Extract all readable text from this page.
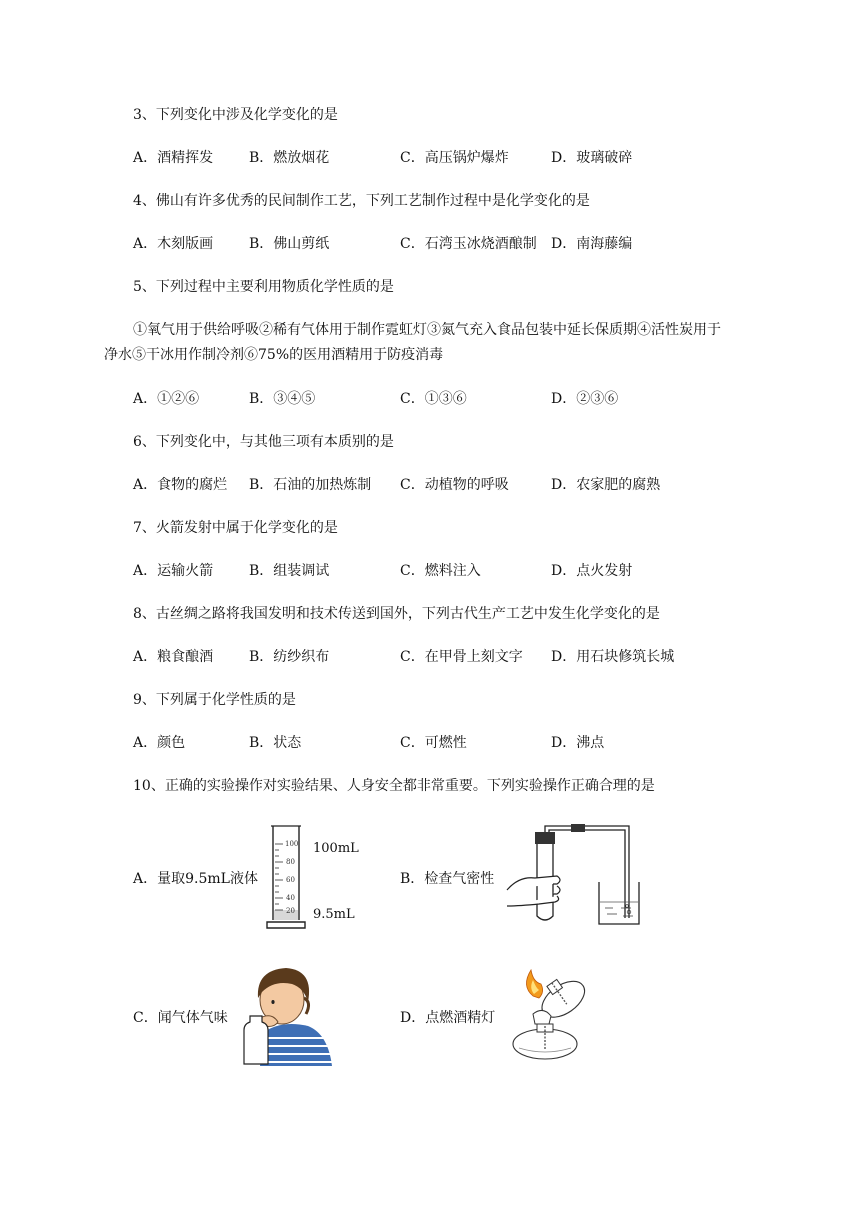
3、下列变化中涉及化学变化的是
A．酒精挥发	B．燃放烟花	C．高压锅炉爆炸	D．玻璃破碎
4、佛山有许多优秀的民间制作工艺，下列工艺制作过程中是化学变化的是
A．木刻版画	B．佛山剪纸	C．石湾玉冰烧酒酿制 D．南海藤编
5、下列过程中主要利用物质化学性质的是
①氧气用于供给呼吸②稀有气体用于制作霓虹灯③氮气充入食品包装中延长保质期④活性炭用于
净水⑤干冰用作制冷剂⑥75%的医用酒精用于防疫消毒
A．①②⑥	B．③④⑤	C．①③⑥	D．②③⑥
6、下列变化中，与其他三项有本质别的是
A．食物的腐烂 B．石油的加热炼制 C．动植物的呼吸	D．农家肥的腐熟
7、火箭发射中属于化学变化的是
A．运输火箭	B．组装调试	C．燃料注入	D．点火发射
8、古丝绸之路将我国发明和技术传送到国外，下列古代生产工艺中发生化学变化的是
A．粮食酿酒	B．纺纱织布	C．在甲骨上刻文字 D．用石块修筑长城
9、下列属于化学性质的是
A．颜色	B．状态	C．可燃性	D．沸点
10、正确的实验操作对实验结果、人身安全都非常重要。下列实验操作正确合理的是
A．量取9.5mL液体	B．检查气密性
C．闻气体气味	D．点燃酒精灯
100
80
60
40
20
100mL
9.5mL
